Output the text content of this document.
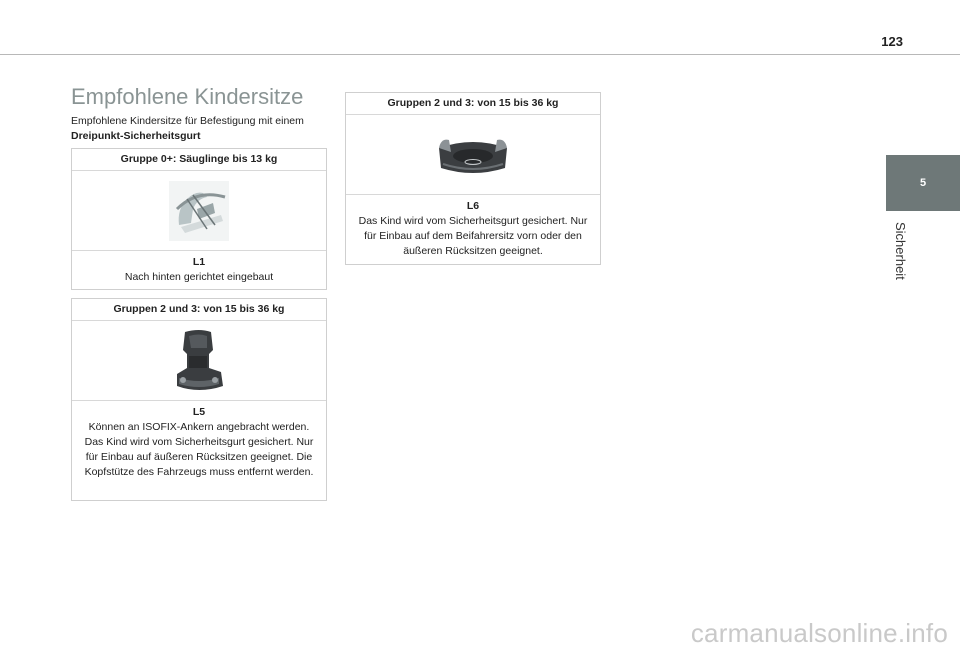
123
5
Sicherheit
Empfohlene Kindersitze
Empfohlene Kindersitze für Befestigung mit einem
Dreipunkt-Sicherheitsgurt
Gruppe 0+: Säuglinge bis 13 kg
L1
Nach hinten gerichtet eingebaut
Gruppen 2 und 3: von 15 bis 36 kg
L5
Können an ISOFIX-Ankern angebracht werden. Das Kind wird vom Sicherheitsgurt gesichert. Nur für Einbau auf äußeren Rücksitzen geeignet. Die Kopfstütze des Fahrzeugs muss entfernt werden.
Gruppen 2 und 3: von 15 bis 36 kg
L6
Das Kind wird vom Sicherheitsgurt gesichert. Nur für Einbau auf dem Beifahrersitz vorn oder den äußeren Rücksitzen geeignet.
carmanualsonline.info
